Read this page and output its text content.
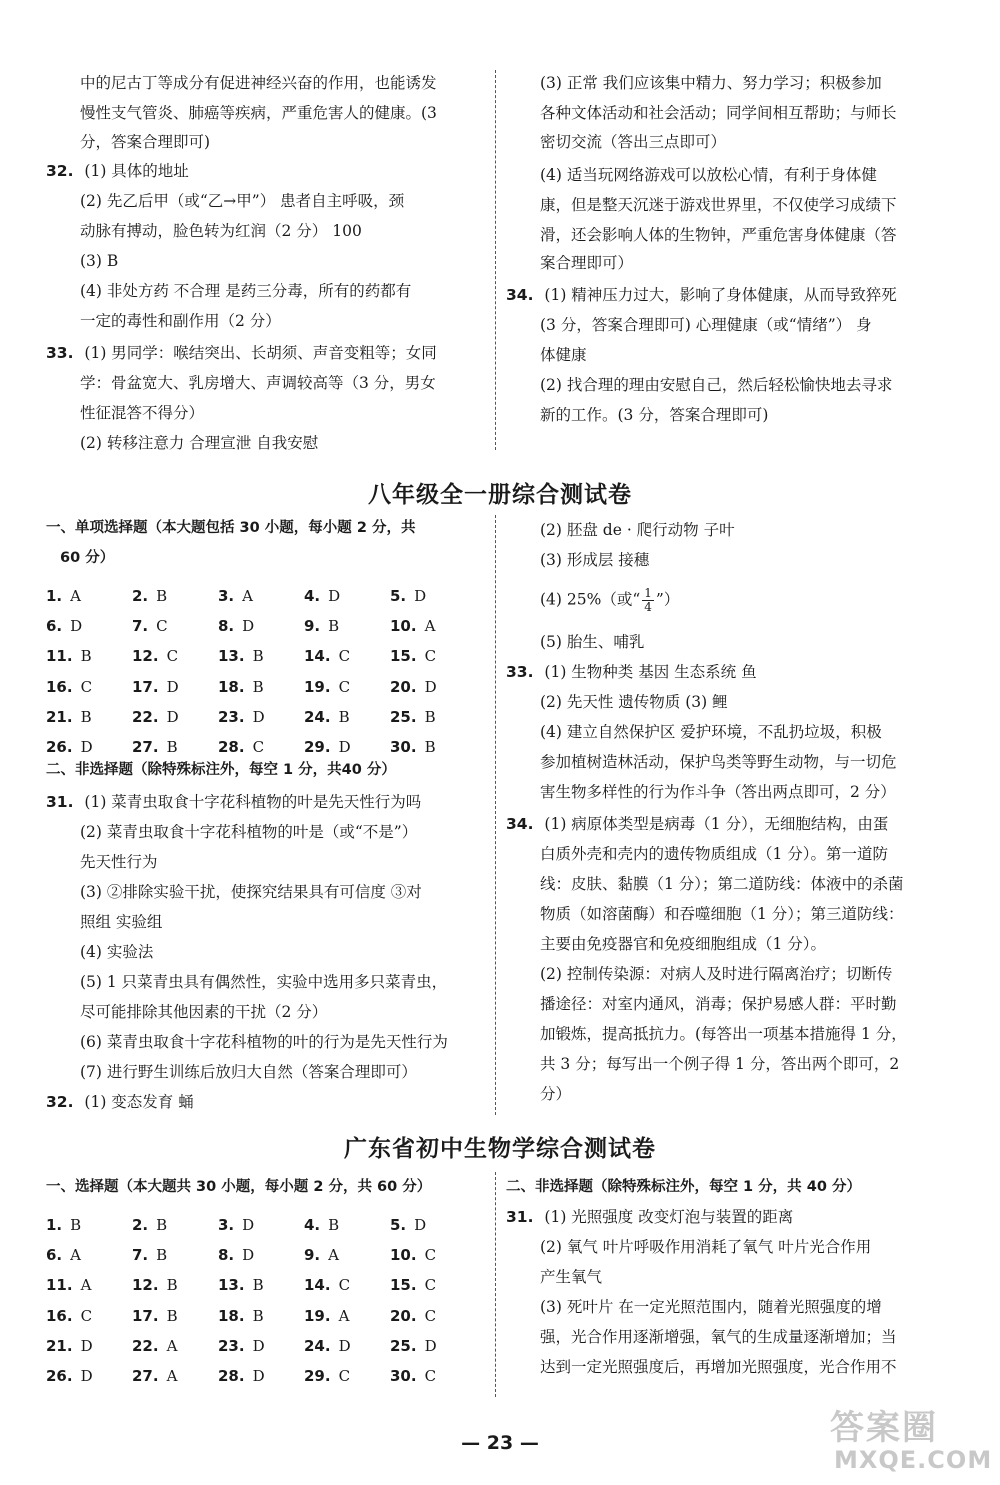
中的尼古丁等成分有促进神经兴奋的作用，也能诱发
慢性支气管炎、肺癌等疾病，严重危害人的健康。(3
分，答案合理即可)
32. (1) 具体的地址
(2) 先乙后甲（或“乙→甲”） 患者自主呼吸，颈
动脉有搏动，脸色转为红润（2 分） 100
(3) B
(4) 非处方药 不合理 是药三分毒，所有的药都有
一定的毒性和副作用（2 分）
33. (1) 男同学：喉结突出、长胡须、声音变粗等；女同
学：骨盆宽大、乳房增大、声调较高等（3 分，男女
性征混答不得分）
(2) 转移注意力 合理宣泄 自我安慰
(3) 正常 我们应该集中精力、努力学习；积极参加
各种文体活动和社会活动；同学间相互帮助；与师长
密切交流（答出三点即可）
(4) 适当玩网络游戏可以放松心情，有利于身体健
康，但是整天沉迷于游戏世界里，不仅使学习成绩下
滑，还会影响人体的生物钟，严重危害身体健康（答
案合理即可）
34. (1) 精神压力过大，影响了身体健康，从而导致猝死
(3 分，答案合理即可) 心理健康（或“情绪”） 身
体健康
(2) 找合理的理由安慰自己，然后轻松愉快地去寻求
新的工作。(3 分，答案合理即可)
八年级全一册综合测试卷
一、单项选择题（本大题包括 30 小题，每小题 2 分，共
60 分）
1. A	2. B	3. A	4. D	5. D
6. D	7. C	8. D	9. B	10. A
11. B	12. C	13. B	14. C	15. C
16. C	17. D	18. B	19. C	20. D
21. B	22. D	23. D	24. B	25. B
26. D	27. B	28. C	29. D	30. B
二、非选择题（除特殊标注外，每空 1 分，共40 分）
31. (1) 菜青虫取食十字花科植物的叶是先天性行为吗
(2) 菜青虫取食十字花科植物的叶是（或“不是”）
先天性行为
(3) ②排除实验干扰，使探究结果具有可信度 ③对
照组 实验组
(4) 实验法
(5) 1 只菜青虫具有偶然性，实验中选用多只菜青虫，
尽可能排除其他因素的干扰（2 分）
(6) 菜青虫取食十字花科植物的叶的行为是先天性行为
(7) 进行野生训练后放归大自然（答案合理即可）
32. (1) 变态发育 蛹
(2) 胚盘 de · 爬行动物 子叶
(3) 形成层 接穗
(4) 25%（或“ $\frac{1}{4}$ ”）
(5) 胎生、哺乳
33. (1) 生物种类 基因 生态系统 鱼
(2) 先天性 遗传物质 (3) 鲤
(4) 建立自然保护区 爱护环境，不乱扔垃圾，积极
参加植树造林活动，保护鸟类等野生动物，与一切危
害生物多样性的行为作斗争（答出两点即可，2 分）
34. (1) 病原体类型是病毒（1 分），无细胞结构，由蛋
白质外壳和壳内的遗传物质组成（1 分）。第一道防
线：皮肤、黏膜（1 分）；第二道防线：体液中的杀菌
物质（如溶菌酶）和吞噬细胞（1 分）；第三道防线：
主要由免疫器官和免疫细胞组成（1 分）。
(2) 控制传染源：对病人及时进行隔离治疗；切断传
播途径：对室内通风，消毒；保护易感人群：平时勤
加锻炼，提高抵抗力。(每答出一项基本措施得 1 分，
共 3 分；每写出一个例子得 1 分，答出两个即可，2
分）
广东省初中生物学综合测试卷
一、选择题（本大题共 30 小题，每小题 2 分，共 60 分）
1. B	2. B	3. D	4. B	5. D
6. A	7. B	8. D	9. A	10. C
11. A	12. B	13. B	14. C	15. C
16. C	17. B	18. B	19. A	20. C
21. D	22. A	23. D	24. D	25. D
26. D	27. A	28. D	29. C	30. C
二、非选择题（除特殊标注外，每空 1 分，共 40 分）
31. (1) 光照强度 改变灯泡与装置的距离
(2) 氧气 叶片呼吸作用消耗了氧气 叶片光合作用
产生氧气
(3) 死叶片 在一定光照范围内，随着光照强度的增
强，光合作用逐渐增强，氧气的生成量逐渐增加；当
达到一定光照强度后，再增加光照强度，光合作用不
— 23 —	答案圈
MXQE.COM
